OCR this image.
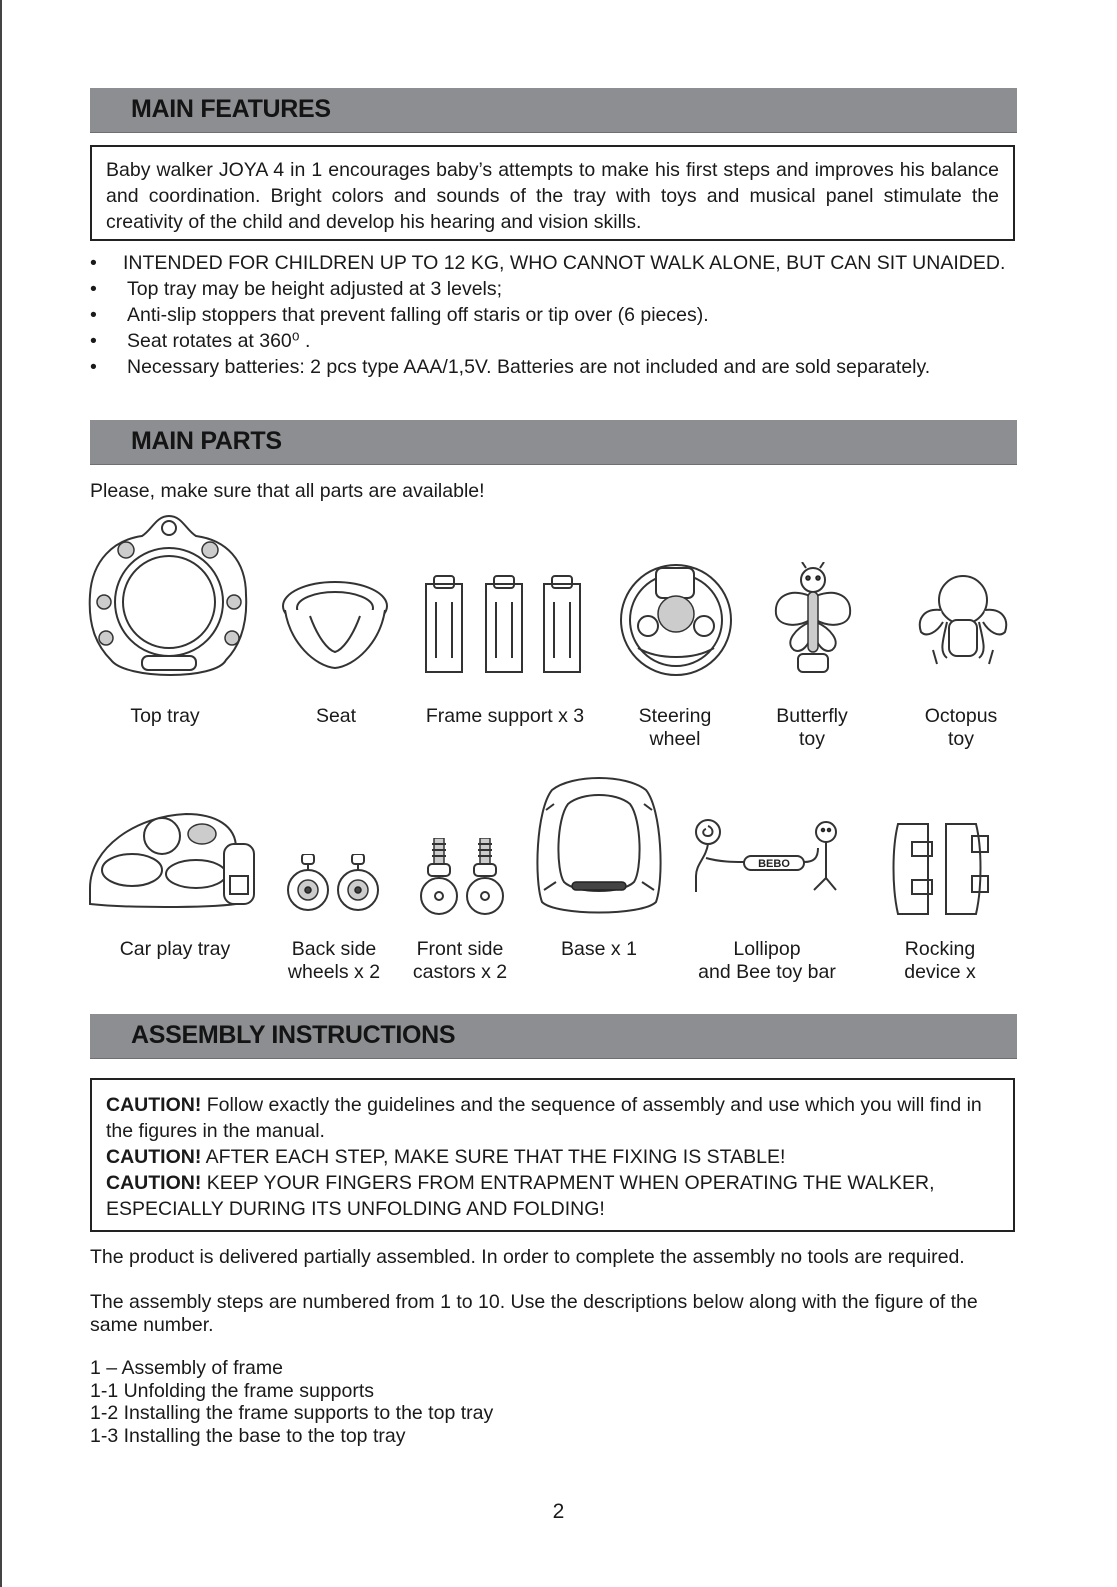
MAIN FEATURES

Baby walker JOYA 4 in 1 encourages baby’s attempts to make his first steps and improves his balance and coordination. Bright colors and sounds of the tray with toys and musical panel stimulate the creativity of the child and develop his hearing and vision skills.

• INTENDED FOR CHILDREN UP TO 12 KG, WHO CANNOT WALK ALONE, BUT CAN SIT UNAIDED.
• Top tray may be height adjusted at 3 levels;
• Anti-slip stoppers that prevent falling off staris or tip over (6 pieces).
• Seat rotates at 360⁰ .
• Necessary batteries: 2 pcs type AAA/1,5V. Batteries are not included and are sold separately.
MAIN PARTS
Please, make sure that all parts are available!
Top tray	Seat	Frame support x 3	Steering
wheel
Butterfly
toy
Octopus
toy
BEBO
Car play tray	Back side
wheels x 2
Front side
castors x 2
Base x 1	Lollipop
and Bee toy bar
Rocking
device x
ASSEMBLY INSTRUCTIONS

CAUTION! Follow exactly the guidelines and the sequence of assembly and use which you will find in the figures in the manual.

CAUTION! AFTER EACH STEP, MAKE SURE THAT THE FIXING IS STABLE!

CAUTION! KEEP YOUR FINGERS FROM ENTRAPMENT WHEN OPERATING THE WALKER, ESPECIALLY DURING ITS UNFOLDING AND FOLDING!

The product is delivered partially assembled. In order to complete the assembly no tools are required.
The assembly steps are numbered from 1 to 10. Use the descriptions below along with the figure of the same number.
1 – Assembly of frame
1-1 Unfolding the frame supports
1-2 Installing the frame supports to the top tray
1-3 Installing the base to the top tray
2
